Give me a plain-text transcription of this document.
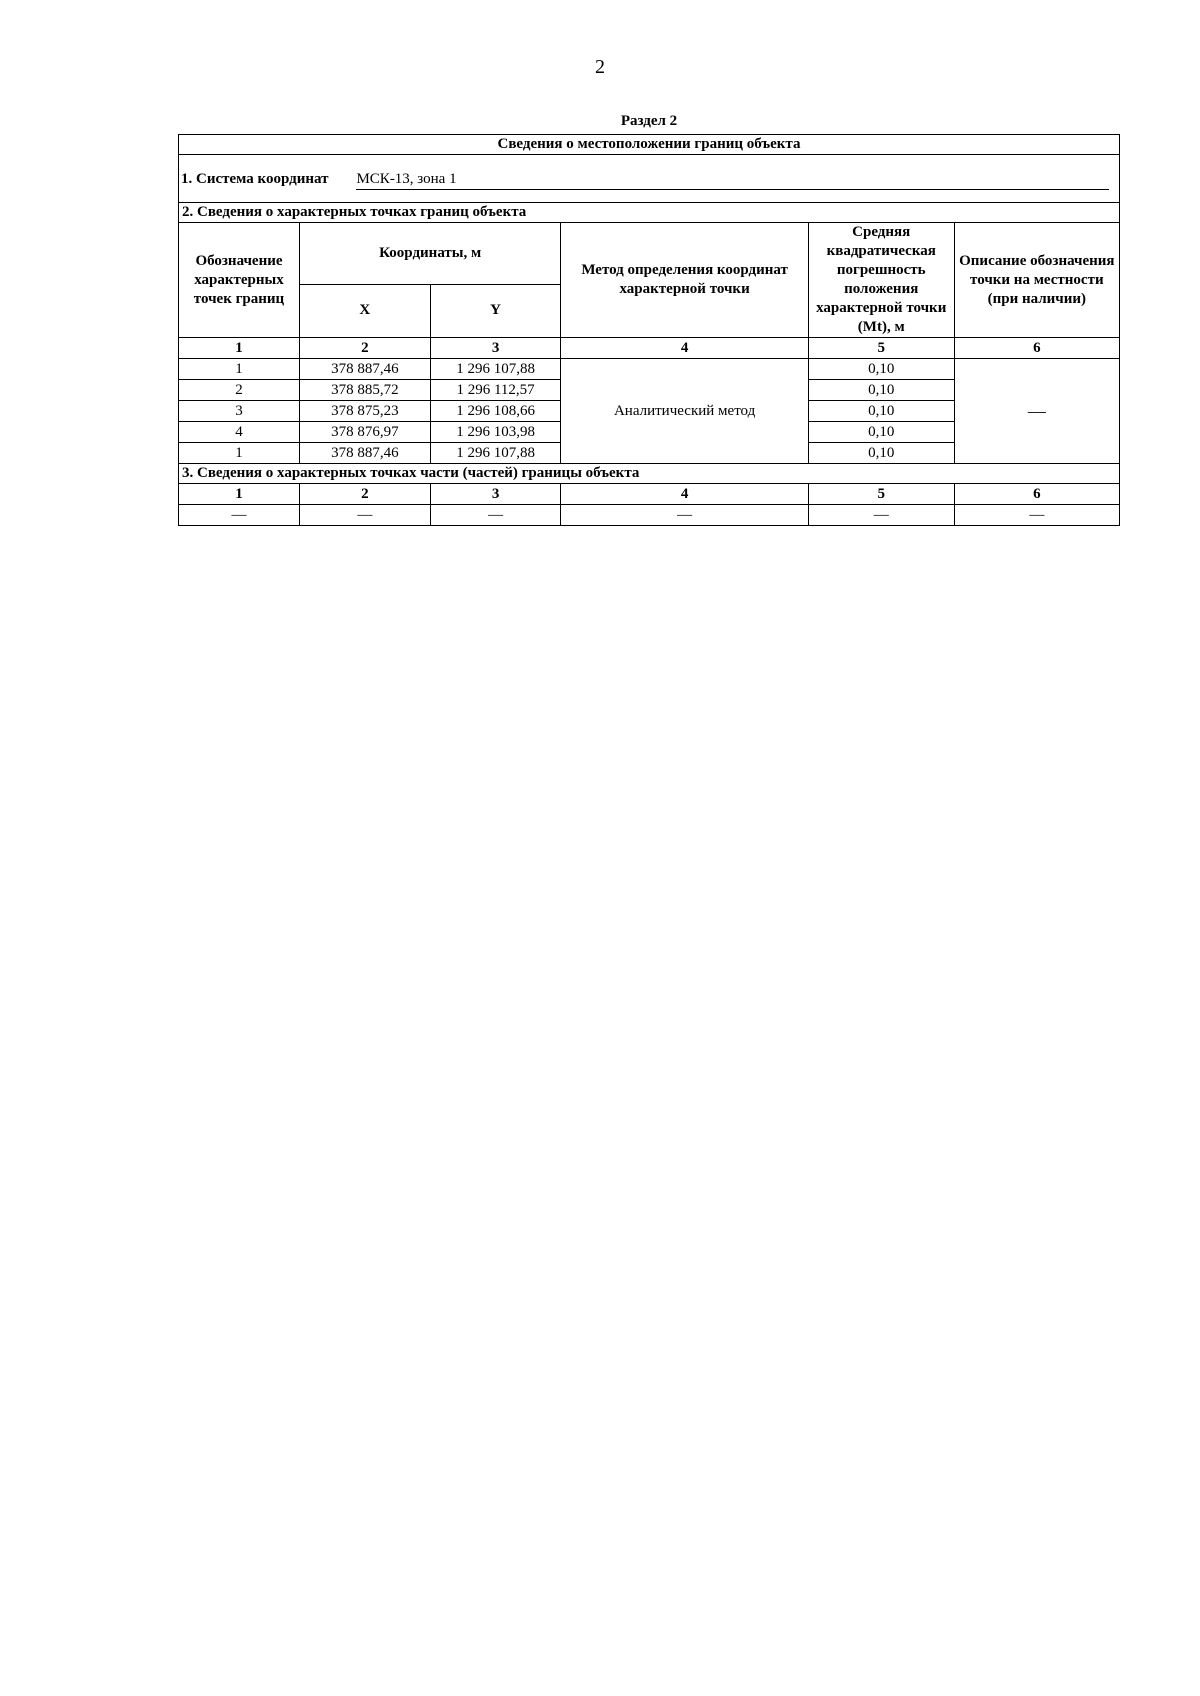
2
Раздел 2
Сведения о местоположении границ объекта					

1. Система координат МСК-13, зона 1					

2. Сведения о характерных точках границ объекта					
Обозначение характерных точек границ	Координаты, м		Метод определения координат характерной точки	Средняя квадратическая погрешность положения характерной точки (Mt), м	Описание обозначения точки на местности (при наличии)
	X	Y			
1	2	3	4	5	6
1	378 887,46	1 296 107,88	Аналитический метод	0,10	—
2	378 885,72	1 296 112,57		0,10	
3	378 875,23	1 296 108,66		0,10	
4	378 876,97	1 296 103,98		0,10	
1	378 887,46	1 296 107,88		0,10	
3. Сведения о характерных точках части (частей) границы объекта					
1	2	3	4	5	6
—	—	—	—	—	—
